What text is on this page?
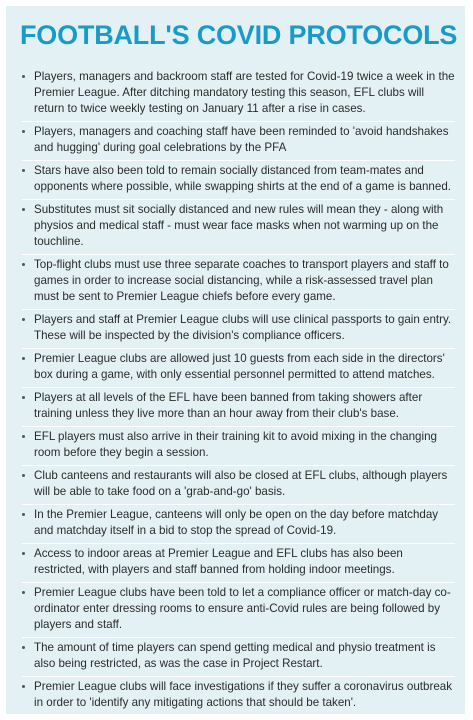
FOOTBALL'S COVID PROTOCOLS
Players, managers and backroom staff are tested for Covid-19 twice a week in the Premier League. After ditching mandatory testing this season, EFL clubs will return to twice weekly testing on January 11 after a rise in cases.
Players, managers and coaching staff have been reminded to 'avoid handshakes and hugging' during goal celebrations by the PFA
Stars have also been told to remain socially distanced from team-mates and opponents where possible, while swapping shirts at the end of a game is banned.
Substitutes must sit socially distanced and new rules will mean they - along with physios and medical staff - must wear face masks when not warming up on the touchline.
Top-flight clubs must use three separate coaches to transport players and staff to games in order to increase social distancing, while a risk-assessed travel plan must be sent to Premier League chiefs before every game.
Players and staff at Premier League clubs will use clinical passports to gain entry. These will be inspected by the division's compliance officers.
Premier League clubs are allowed just 10 guests from each side in the directors' box during a game, with only essential personnel permitted to attend matches.
Players at all levels of the EFL have been banned from taking showers after training unless they live more than an hour away from their club's base.
EFL players must also arrive in their training kit to avoid mixing in the changing room before they begin a session.
Club canteens and restaurants will also be closed at EFL clubs, although players will be able to take food on a 'grab-and-go' basis.
In the Premier League, canteens will only be open on the day before matchday and matchday itself in a bid to stop the spread of Covid-19.
Access to indoor areas at Premier League and EFL clubs has also been restricted, with players and staff banned from holding indoor meetings.
Premier League clubs have been told to let a compliance officer or match-day co-ordinator enter dressing rooms to ensure anti-Covid rules are being followed by players and staff.
The amount of time players can spend getting medical and physio treatment is also being restricted, as was the case in Project Restart.
Premier League clubs will face investigations if they suffer a coronavirus outbreak in order to 'identify any mitigating actions that should be taken'.
